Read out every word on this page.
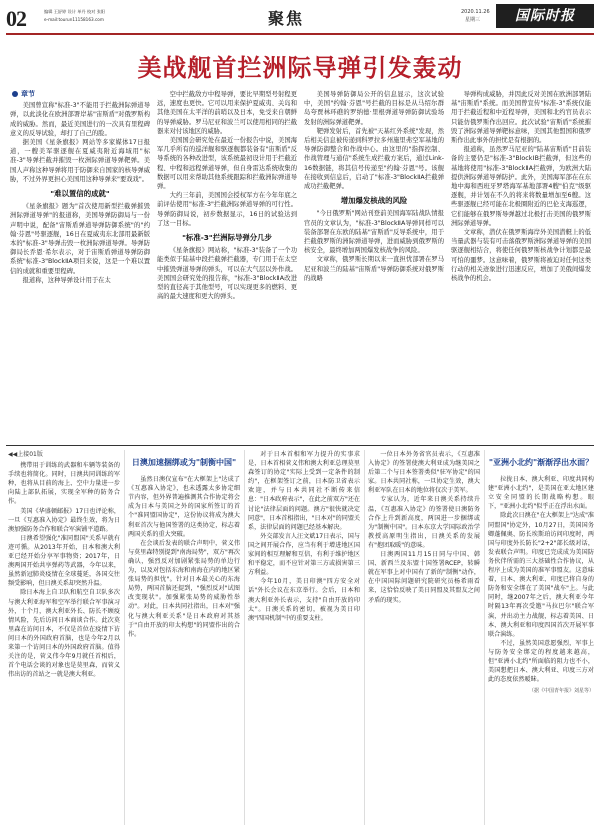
02	编辑 王舒婷 设计 单丹 校对 张阳
e-mail:tourun11158163.com	聚焦	2020.11.26
星期三	国际时报
美战舰首拦洲际导弹引发轰动
章节

美国曾宣称"标准-3"不能用于拦截洲际弹道导弹，以此淡化在欧洲部署岸基"宙斯盾"对俄罗斯构成的威胁。然而，最近美国进行的一次具有里程碑意义的反导试验，却打了自己的脸。

据美国《星条旗报》网站等多家媒体17日报道，一艘美军驱逐舰在夏威夷附近海域用"标准-3"导弹拦截并摧毁一枚洲际弹道导弹靶弹。美国人声称这种导弹将用于防御来自国家的核导弹威胁，不过外界更担心美国用这种导弹来"要戏戏"。

"难以置信的成就"

《星条旗报》题为"首次使用新型拦截弹摧毁洲际弹道导弹"的报道称，美国导弹防御局与一份声明中说，配备"宙斯盾弹道导弹防御系统"的"约翰·芬恩"号驱逐舰，16日在夏威夷东北部用最新版本的"标准-3"导弹击毁一枚洲际弹道导弹。导弹防御局长乔恩·希尔表示，对于宙斯盾弹道导弹防御系统"标准-3"BlockⅡA项目来说，这是一个难以置信的成就和重要里程碑。

报道称，这种导弹设计用于在太

空中拦截敌方中程导弹，要比早期型号射程更远，速度也更快。它可以用来保护夏威夷、关岛和其他美国在太平洋的前哨以及日本，免受来自朝鲜的导弹威胁。罗马尼亚和波兰可以使用相同的拦截器来对付该地区的威胁。

美国国会研究处在最近一份报告中说，美国海军几乎所有的巡洋舰和驱逐舰都装备有"宙斯盾"反导系统的各种改进型，该系统最初设计用于拦截近程、中程和远程弹道导弹，但自身雷达系统收集的数据可以用来帮助其他系统跟踪和拦截洲际弹道导弹。

大约三年前，美国国会授权军方在今年年底之前评估使用"标准-3"拦截洲际弹道导弹的可行性。导弹防御局说，初步数据显示，16日的试验达到了这一目标。

"标准-3"拦洲际导弹分几步

《星条旗报》网站称，"标准-3"装备了一个功能类似于陆基中段拦截弹拦截器，专门用于在太空中摧毁弹道导弹的弹头，可以在大气层以外作战。美国国会研究处的报告称，"标准-3"BlockⅡA改进型的直径高于其他型号，可以实现更多的燃料、更高的最大速度和更大的弹头。

美国导弹防御局公开的信息显示，这次试验中，美国"约翰·芬恩"号拦截的目标是从马绍尔群岛夸贾林环礁的罗纳德·里根弹道导弹防御试验场发射的洲际弹道靶弹。

靶弹发射后，首先被"天基红外系统"发现，然后相关信息被传递到科罗拉多州施里弗空军基地的导弹防御整合和作战中心。由这里的"指挥控制、作战管理与通信"系统生成拦截方案后，通过Link-16数据链，将其信号传递至"约翰·芬恩"号。该舰在接收到信息后，启动了"标准-3"BlockⅡA拦截弹成功拦截靶弹。

增加爆发核战的风险

"今日俄罗斯"网站刊登前美国海军陆战队情报官员的文章认为，"标准-3"BlockⅡA导弹同样可以装备部署在东欧的陆基"宙斯盾"反导系统中，用于拦截俄罗斯的洲际弹道导弹，进而威胁到俄罗斯的核安全，最终增加两国爆发核战争的风险。

文章称，俄罗斯长期以来一直担忧部署在罗马尼亚和波兰的陆基"宙斯盾"导弹防御系统对俄罗斯的战略

导弹构成威胁，并因此反对美国在欧洲部署陆基"宙斯盾"系统。而美国曾宣传"标准-3"系统仅能用于拦截近程和中近程导弹，美国和北约官员表示只能仿俄罗斯作出回应。此次试验"宙斯盾"系统摧毁了洲际弹道导弹靶标意味，美国其他盟国和俄罗斯作出此事外的担忧是有根据的。

报道称，虽然罗马尼亚的"陆基宙斯盾"目前装备的主要仍是"标准-3"BlockⅠB拦截弹，但这些的基地将使用"标准-3"BlockⅡA拦截弹，为欧洲大陆提供洲际弹道导弹防护。此外，美国海军部在在东地中海和西班牙罗塔海军基地部署4艘"伯克"级驱逐舰，并计划在不久的将来将数量增加至6艘。这些驱逐舰已经可能在北极圈附近的巴伦支海巡逻，它们能够在俄罗斯导弹越过北极打击美国的俄罗斯洲际弹道导弹。

文章称，潜伏在俄罗斯海岸外美国潜艇上的低当量武器与装有可击落俄罗斯洲际弹道导弹的美国驱逐舰相结合，将使任何俄罗斯核战争计划都是最可怕的噩梦。这意味着，俄罗斯将被迫对任何这类行动的相关迹象进行迅速反应，增加了美俄间爆发核战争的机会。

◀◀上接01版

携带用于训练的武器和车辆等装备的手续也将简化。同时，日澳共同训练的军种，也将从目前的海上、空中力量进一步向陆上部队拓展，实现全军种的防务合作。

美国《华盛顿邮报》17日也评论称，一旦《互惠准入协定》最终生效，将为日澳加强防务合作和联合军演铺平道路。

日澳希望强化"准同盟国"关系早就有迹可循。从2013年开始，日本和澳大利亚已经开始分享军事物资；2017年，日澳两国开始共享弹药等武器，今年以来，虽然新冠肺炎疫情在全球蔓延，各国交往频受影响，但日澳关系却突然升温。

除日本海上自卫队和航空自卫队多次与澳大利亚海军和空军举行联合军事演习外，十个月，澳大利亚外长、防长不顾疫情风险，先后访问日本商谈合作。此次莫里森在访问日本，不仅是首位在疫情下访问日本的外国政府首脑，也是今年2月以来第一个访问日本的外国政府首脑。值得关注的是，菅义伟今年9月就任首相后，首个电话会谈的对象也是莫里森，而菅义伟出访的首站之一就是澳大利亚。

日澳加速捆绑或为"制衡中国"

虽然日澳仅宣布"在大框架上"达成了《互惠准入协定》，也未透露太多协定细节内容，但外界普遍推测其合作协定将会成为日本与美国之外的国家所签订的首个"准同盟国协定"，这份协议将成为澳大利亚首次与他国签署的这类协定，标志着两国关系的重大突破。

在会谈后发表的联合声明中，菅义伟与莫里森特别提到"南海局势"，双方"再次确认，强烈反对加剧紧张局势的单边行为，以及对包括东海和南海在内的地区紧张局势的担忧"。针对日本最关心的东海局势，两国首脑还提到，"强烈反对"试图改变现状"。加强紧张局势的威胁性举动"。对此，日本共同社指出，日本对"强化与澳大利亚关系"是日本政府对其基于"自由开放的印太构想"的同盟作出的合作。

对于日本首相和军力提升的实事求是，日本首相菅义伟和澳大利亚总理莫里森签订的协定"实际上受到一定条件的制约"，在框架签订之前，日本防卫省表示欢迎，并与日本共同社不断传来信息："日本政府表示"，在此之前双方"还在讨论"法律层面的问题。澳方"很快就决定同意"，日本首相指出，"日本对"的同盟关系，法律层面的问题已经基本解决。

外交部发言人汪文斌17日表示，国与国之间开展合作，应当有利于增进地区国家间的相互理解和互信，有利于维护地区和平稳定，而不应针对第三方或损害第三方利益。

今年10月，美日印澳"四方安全对话"外长会议在东京举行。会后，日本和澳大利亚外长表示，支持"自由开放的印太"。日澳关系的密切，被视为美日印澳"四国机制"中的重要支柱。

一位日本外务省官员表示，《互惠准入协定》的签署使澳大利亚成为继美国之后第二个与日本签署类似"驻军协定"的国家。日本共同社称，一旦协定生效，澳大利亚军队在日本的地位将仅次于美军。

专家认为，近年来日澳关系持续升温，《互惠准入协定》的签署使日澳防务合作上升到新高度，两国进一步捆绑或为"制衡中国"。日本东京大学国际政治学教授高原明生指出，日澳关系的发展有"抱团取暖"的意味。

日澳两国11月15日同与中国、韩国、新西兰及东盟十国签署RCEP，转瞬就在军事上对中国有了新的"制衡"动作，在中国国际问题研究院研究员杨希雨看来，这恰恰反映了美日同盟及其盟友之间矛盾的现实。

"亚洲小北约"渐渐浮出水面？

拉拢日本、澳大利亚、印度共同构建"亚洲小北约"，是美国在亚太地区建立安全同盟的长期战略构想。眼下，"亚洲小北约"似乎正在浮出水面。

除此次日澳在"在大框架上"达成"准同盟国"协定外，10月27日，美国国务卿蓬佩奥、防长埃斯珀访问印度时，两国与印度外长防长"2+2"部长级对话，发表联合声明。印度已完成成为美国防务伙伴所需的三大基础性合作协议，从程序上成为美国的准军事盟友。这意味着，日本、澳大利亚、印度已将自身的防务和安全绑在了美国"战车"上。与此同时，继2007年之后，澳大利亚今年时隔13年再次受邀"马拉巴尔"联合军演，并出动主力战舰，标志着美国、日本、澳大利亚和印度四国首次开展军事联合演练。

不过，虽然美国意愿强烈，军事上与防务安全绑定的程度越来越高，但"亚洲小北约"所面临的阻力也不小，美国想把日本、澳大利亚、印度三方对此的态度依然暧昧。

（据《中国青年报》刘星等）
